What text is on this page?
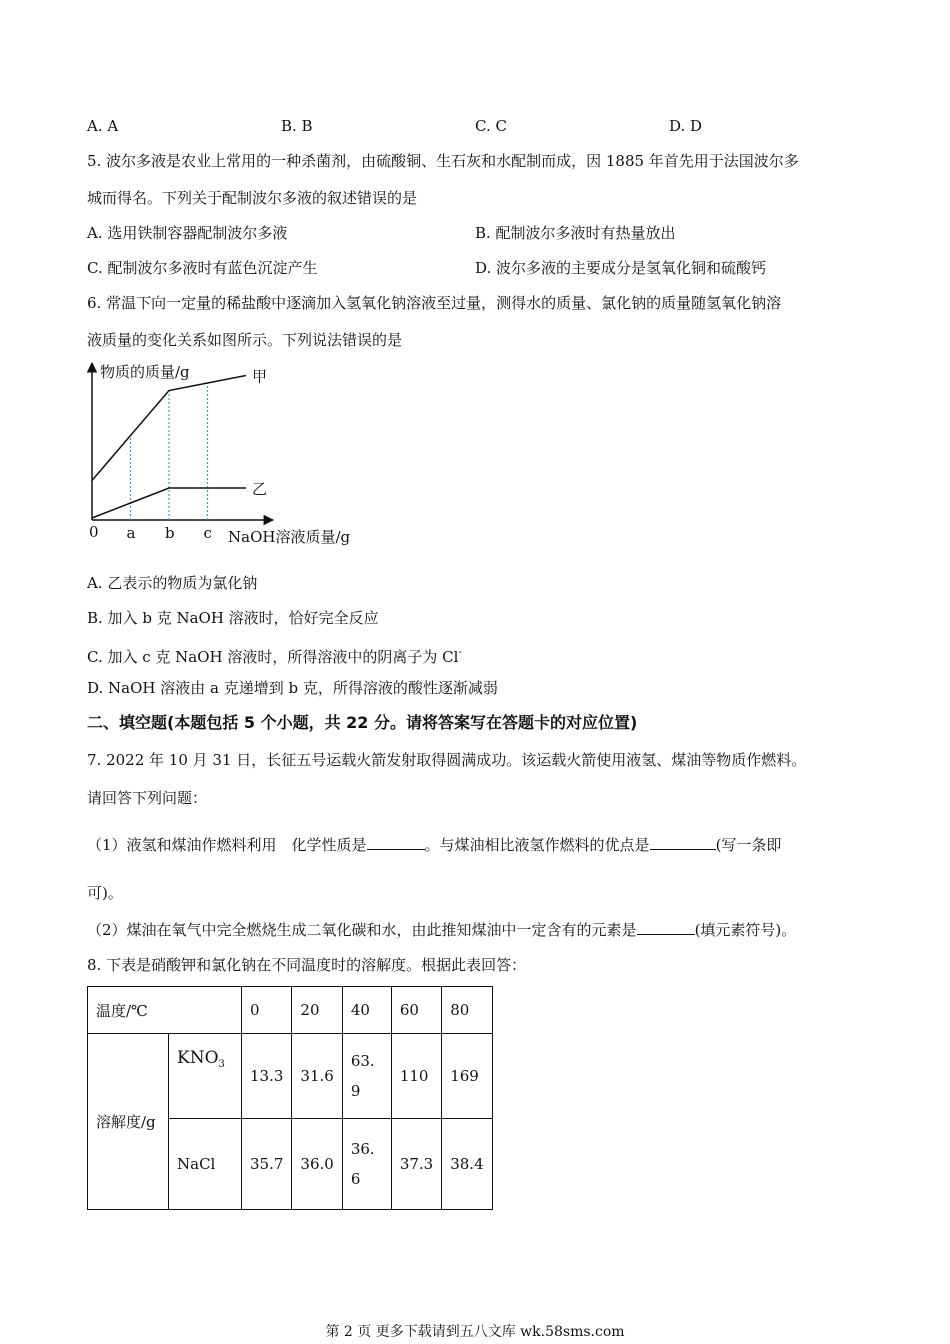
A. A	B. B	C. C	D. D
5. 波尔多液是农业上常用的一种杀菌剂，由硫酸铜、生石灰和水配制而成，因 1885 年首先用于法国波尔多
城而得名。下列关于配制波尔多液的叙述错误的是
A. 选用铁制容器配制波尔多液	B. 配制波尔多液时有热量放出
C. 配制波尔多液时有蓝色沉淀产生	D. 波尔多液的主要成分是氢氧化铜和硫酸钙
6. 常温下向一定量的稀盐酸中逐滴加入氢氧化钠溶液至过量，测得水的质量、氯化钠的质量随氢氧化钠溶
液质量的变化关系如图所示。下列说法错误的是
物质的质量/g
NaOH溶液质量/g
0 a b c
甲
乙
A. 乙表示的物质为氯化钠
B. 加入 b 克 NaOH 溶液时，恰好完全反应
C. 加入 c 克 NaOH 溶液时，所得溶液中的阴离子为 Cl-
D. NaOH 溶液由 a 克递增到 b 克，所得溶液的酸性逐渐减弱
二、填空题(本题包括 5 个小题，共 22 分。请将答案写在答题卡的对应位置)
7. 2022 年 10 月 31 日，长征五号运载火箭发射取得圆满成功。该运载火箭使用液氢、煤油等物质作燃料。
请回答下列问题：
（1）液氢和煤油作燃料利用　化学性质是	。与煤油相比液氢作燃料的优点是	(写一条即
可)。
（2）煤油在氧气中完全燃烧生成二氧化碳和水，由此推知煤油中一定含有的元素是	(填元素符号)。
8. 下表是硝酸钾和氯化钠在不同温度时的溶解度。根据此表回答：
温度/℃		0	20	40	60	80
溶解度/g	$KNO_3$	13.3	31.6	63.
9	110	169
	NaCl	35.7	36.0	36.
6	37.3	38.4
第 2 页 更多下载请到五八文库 wk.58sms.com
